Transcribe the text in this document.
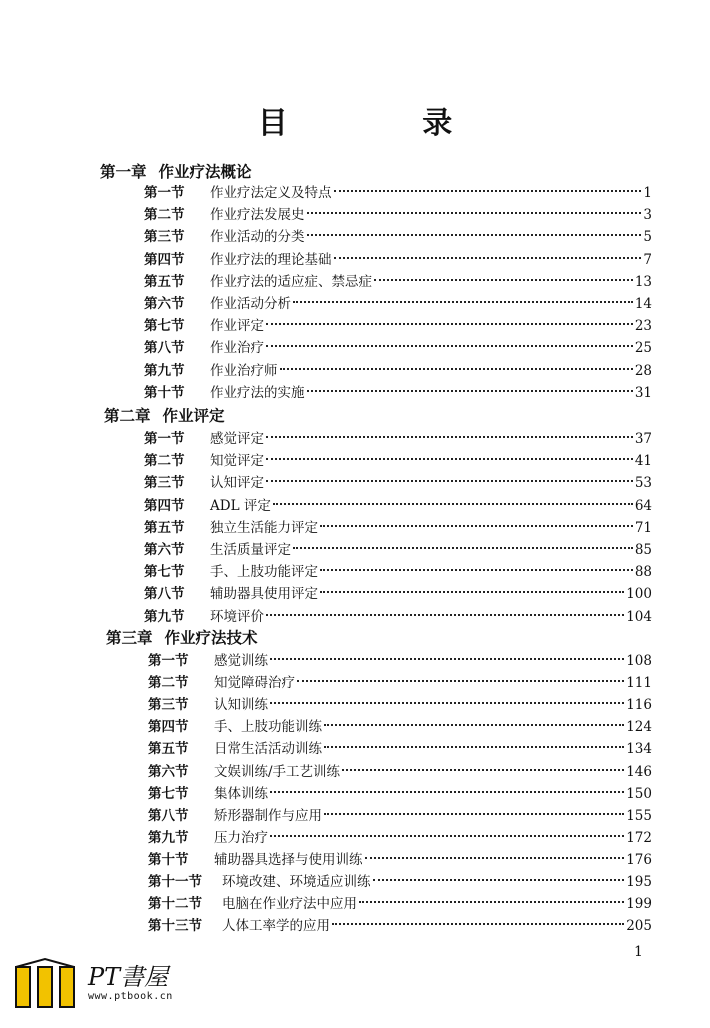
目 录
第一章 作业疗法概论
第一节	作业疗法定义及特点	1
第二节	作业疗法发展史	3
第三节	作业活动的分类	5
第四节	作业疗法的理论基础	7
第五节	作业疗法的适应症、禁忌症	13
第六节	作业活动分析	14
第七节	作业评定	23
第八节	作业治疗	25
第九节	作业治疗师	28
第十节	作业疗法的实施	31
第二章 作业评定
第一节	感觉评定	37
第二节	知觉评定	41
第三节	认知评定	53
第四节	ADL 评定	64
第五节	独立生活能力评定	71
第六节	生活质量评定	85
第七节	手、上肢功能评定	88
第八节	辅助器具使用评定	100
第九节	环境评价	104
第三章 作业疗法技术
第一节	感觉训练	108
第二节	知觉障碍治疗	111
第三节	认知训练	116
第四节	手、上肢功能训练	124
第五节	日常生活活动训练	134
第六节	文娱训练/手工艺训练	146
第七节	集体训练	150
第八节	矫形器制作与应用	155
第九节	压力治疗	172
第十节	辅助器具选择与使用训练	176
第十一节	环境改建、环境适应训练	195
第十二节	电脑在作业疗法中应用	199
第十三节	人体工率学的应用	205
1
PT書屋
www.ptbook.cn
